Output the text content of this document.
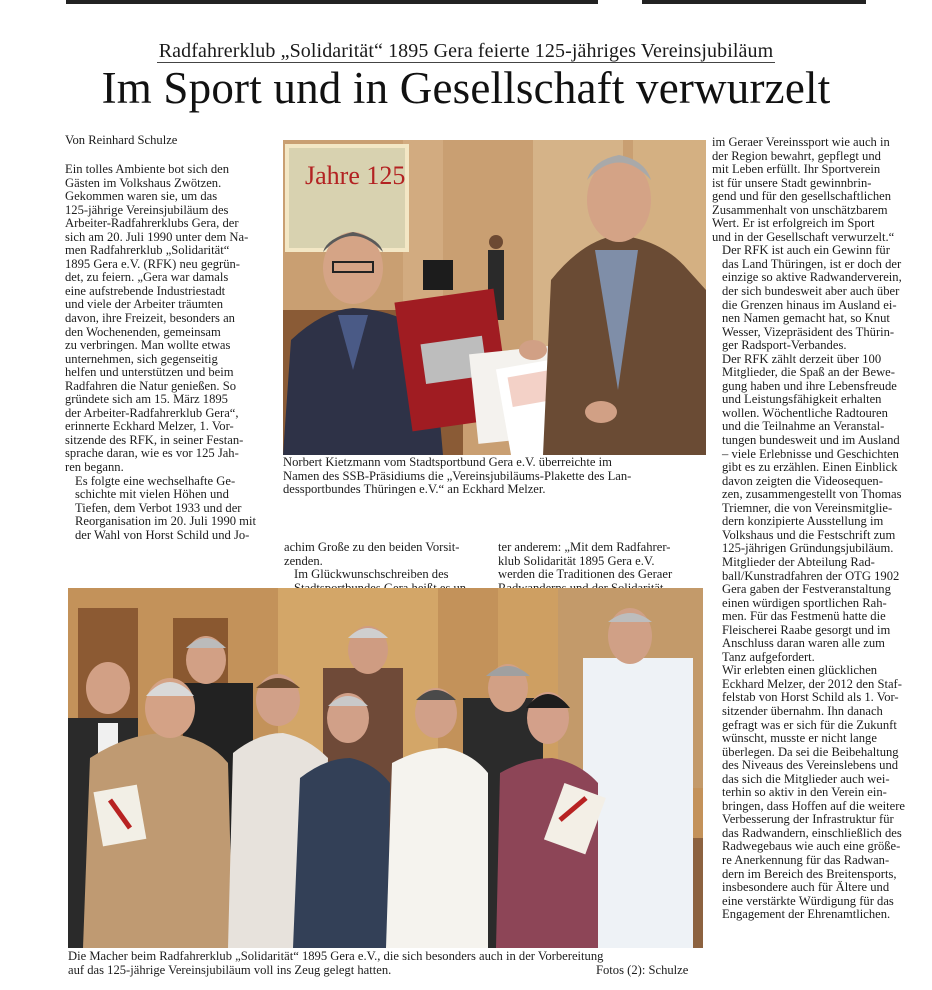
Radfahrerklub „Solidarität“ 1895 Gera feierte 125-jähriges Vereinsjubiläum
Im Sport und in Gesellschaft verwurzelt
Von Reinhard Schulze

Ein tolles Ambiente bot sich den
Gästen im Volkshaus Zwötzen.
Gekommen waren sie, um das
125-jährige Vereinsjubiläum des
Arbeiter-Radfahrerklubs Gera, der
sich am 20. Juli 1990 unter dem Na-
men Radfahrerklub „Solidarität“
1895 Gera e.V. (RFK) neu gegrün-
det, zu feiern. „Gera war damals
eine aufstrebende Industriestadt
und viele der Arbeiter träumten
davon, ihre Freizeit, besonders an
den Wochenenden, gemeinsam
zu verbringen. Man wollte etwas
unternehmen, sich gegenseitig
helfen und unterstützen und beim
Radfahren die Natur genießen. So
gründete sich am 15. März 1895
der Arbeiter-Radfahrerklub Gera“,
erinnerte Eckhard Melzer, 1. Vor-
sitzende des RFK, in seiner Festan-
sprache daran, wie es vor 125 Jah-
ren begann.

Es folgte eine wechselhafte Ge-
schichte mit vielen Höhen und
Tiefen, dem Verbot 1933 und der
Reorganisation im 20. Juli 1990 mit
der Wahl von Horst Schild und Jo-

Jahre 125

Norbert Kietzmann vom Stadtsportbund Gera e.V. überreichte im
Namen des SSB-Präsidiums die „Vereinsjubiläums-Plakette des Lan-
dessportbundes Thüringen e.V.“ an Eckhard Melzer.

achim Große zu den beiden Vorsit-
zenden.

Im Glückwunschschreiben des

ter anderem: „Mit dem Radfahrer-
klub Solidarität 1895 Gera e.V.
werden die Traditionen des Geraer

im Geraer Vereinssport wie auch in
der Region bewahrt, gepflegt und
mit Leben erfüllt. Ihr Sportverein
ist für unsere Stadt gewinnbrin-
gend und für den gesellschaftlichen
Zusammenhalt von unschätzbarem
Wert. Er ist erfolgreich im Sport
und in der Gesellschaft verwurzelt.“

Der RFK ist auch ein Gewinn für
das Land Thüringen, ist er doch der
einzige so aktive Radwanderverein,
der sich bundesweit aber auch über
die Grenzen hinaus im Ausland ei-
nen Namen gemacht hat, so Knut
Wesser, Vizepräsident des Thürin-
ger Radsport-Verbandes.

Der RFK zählt derzeit über 100
Mitglieder, die Spaß an der Bewe-
gung haben und ihre Lebensfreude
und Leistungsfähigkeit erhalten
wollen. Wöchentliche Radtouren
und die Teilnahme an Veranstal-
tungen bundesweit und im Ausland
– viele Erlebnisse und Geschichten
gibt es zu erzählen. Einen Einblick
davon zeigten die Videosequen-
zen, zusammengestellt von Thomas
Triemner, die von Vereinsmitglie-
dern konzipierte Ausstellung im
Volkshaus und die Festschrift zum
125-jährigen Gründungsjubiläum.

Mitglieder der Abteilung Rad-
ball/Kunstradfahren der OTG 1902
Gera gaben der Festveranstaltung
einen würdigen sportlichen Rah-
men. Für das Festmenü hatte die
Fleischerei Raabe gesorgt und im
Anschluss daran waren alle zum
Tanz aufgefordert.

Wir erlebten einen glücklichen
Eckhard Melzer, der 2012 den Staf-
felstab von Horst Schild als 1. Vor-
sitzender übernahm. Ihn danach
gefragt was er sich für die Zukunft
wünscht, musste er nicht lange
überlegen. Da sei die Beibehaltung
des Niveaus des Vereinslebens und
das sich die Mitglieder auch wei-
terhin so aktiv in den Verein ein-
bringen, dass Hoffen auf die weitere
Verbesserung der Infrastruktur für
das Radwandern, einschließlich des
Radwegebaus wie auch eine größe-
re Anerkennung für das Radwan-
dern im Bereich des Breitensports,
insbesondere auch für Ältere und
eine verstärkte Würdigung für das
Engagement der Ehrenamtlichen.

Die Macher beim Radfahrerklub „Solidarität“ 1895 Gera e.V., die sich besonders auch in der Vorbereitung
auf das 125-jährige Vereinsjubiläum voll ins Zeug gelegt hatten.	Fotos (2): Schulze
